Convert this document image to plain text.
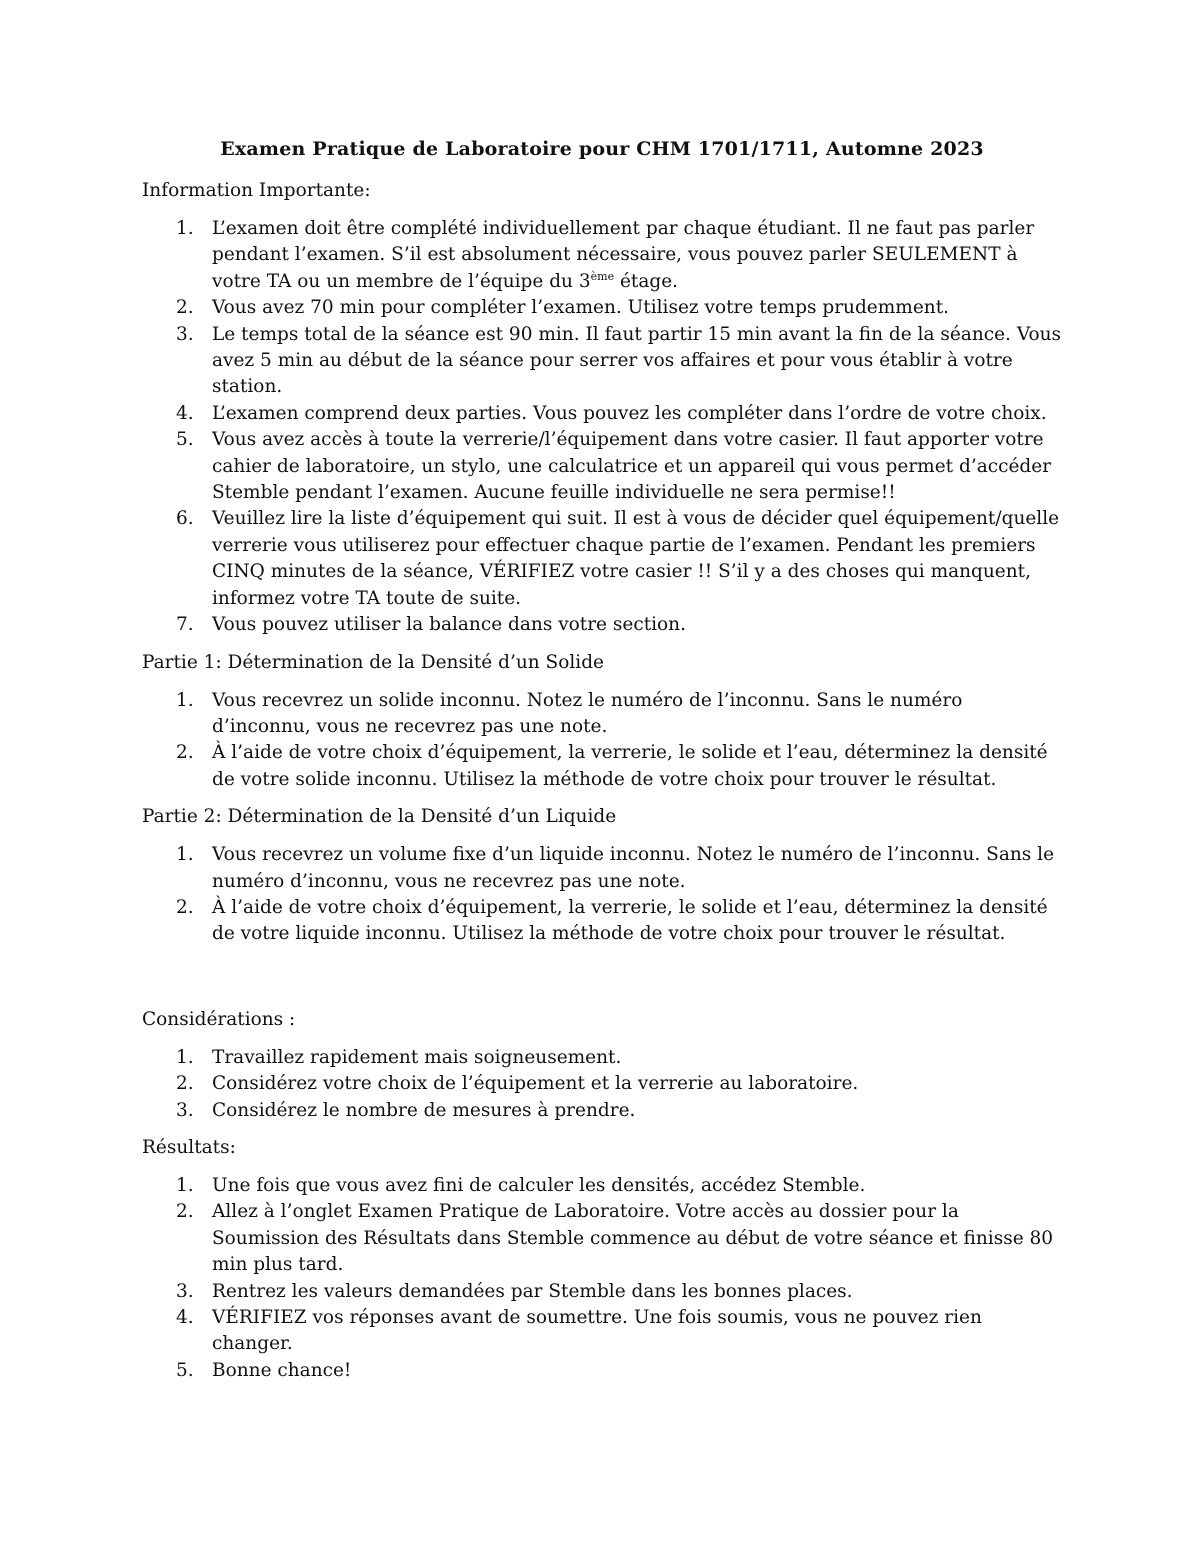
Examen Pratique de Laboratoire pour CHM 1701/1711, Automne 2023
Information Importante:
1. L’examen doit être complété individuellement par chaque étudiant. Il ne faut pas parler pendant l’examen. S’il est absolument nécessaire, vous pouvez parler SEULEMENT à votre TA ou un membre de l’équipe du 3ème étage.
2. Vous avez 70 min pour compléter l’examen. Utilisez votre temps prudemment.
3. Le temps total de la séance est 90 min. Il faut partir 15 min avant la fin de la séance. Vous avez 5 min au début de la séance pour serrer vos affaires et pour vous établir à votre station.
4. L’examen comprend deux parties. Vous pouvez les compléter dans l’ordre de votre choix.
5. Vous avez accès à toute la verrerie/l’équipement dans votre casier. Il faut apporter votre cahier de laboratoire, un stylo, une calculatrice et un appareil qui vous permet d’accéder Stemble pendant l’examen. Aucune feuille individuelle ne sera permise!!
6. Veuillez lire la liste d’équipement qui suit. Il est à vous de décider quel équipement/quelle verrerie vous utiliserez pour effectuer chaque partie de l’examen. Pendant les premiers CINQ minutes de la séance, VÉRIFIEZ votre casier !! S’il y a des choses qui manquent, informez votre TA toute de suite.
7. Vous pouvez utiliser la balance dans votre section.
Partie 1: Détermination de la Densité d’un Solide
1. Vous recevrez un solide inconnu. Notez le numéro de l’inconnu. Sans le numéro d’inconnu, vous ne recevrez pas une note.
2. À l’aide de votre choix d’équipement, la verrerie, le solide et l’eau, déterminez la densité de votre solide inconnu. Utilisez la méthode de votre choix pour trouver le résultat.
Partie 2: Détermination de la Densité d’un Liquide
1. Vous recevrez un volume fixe d’un liquide inconnu. Notez le numéro de l’inconnu. Sans le numéro d’inconnu, vous ne recevrez pas une note.
2. À l’aide de votre choix d’équipement, la verrerie, le solide et l’eau, déterminez la densité de votre liquide inconnu. Utilisez la méthode de votre choix pour trouver le résultat.
Considérations :
1. Travaillez rapidement mais soigneusement.
2. Considérez votre choix de l’équipement et la verrerie au laboratoire.
3. Considérez le nombre de mesures à prendre.
Résultats:
1. Une fois que vous avez fini de calculer les densités, accédez Stemble.
2. Allez à l’onglet Examen Pratique de Laboratoire. Votre accès au dossier pour la Soumission des Résultats dans Stemble commence au début de votre séance et finisse 80 min plus tard.
3. Rentrez les valeurs demandées par Stemble dans les bonnes places.
4. VÉRIFIEZ vos réponses avant de soumettre. Une fois soumis, vous ne pouvez rien changer.
5. Bonne chance!
